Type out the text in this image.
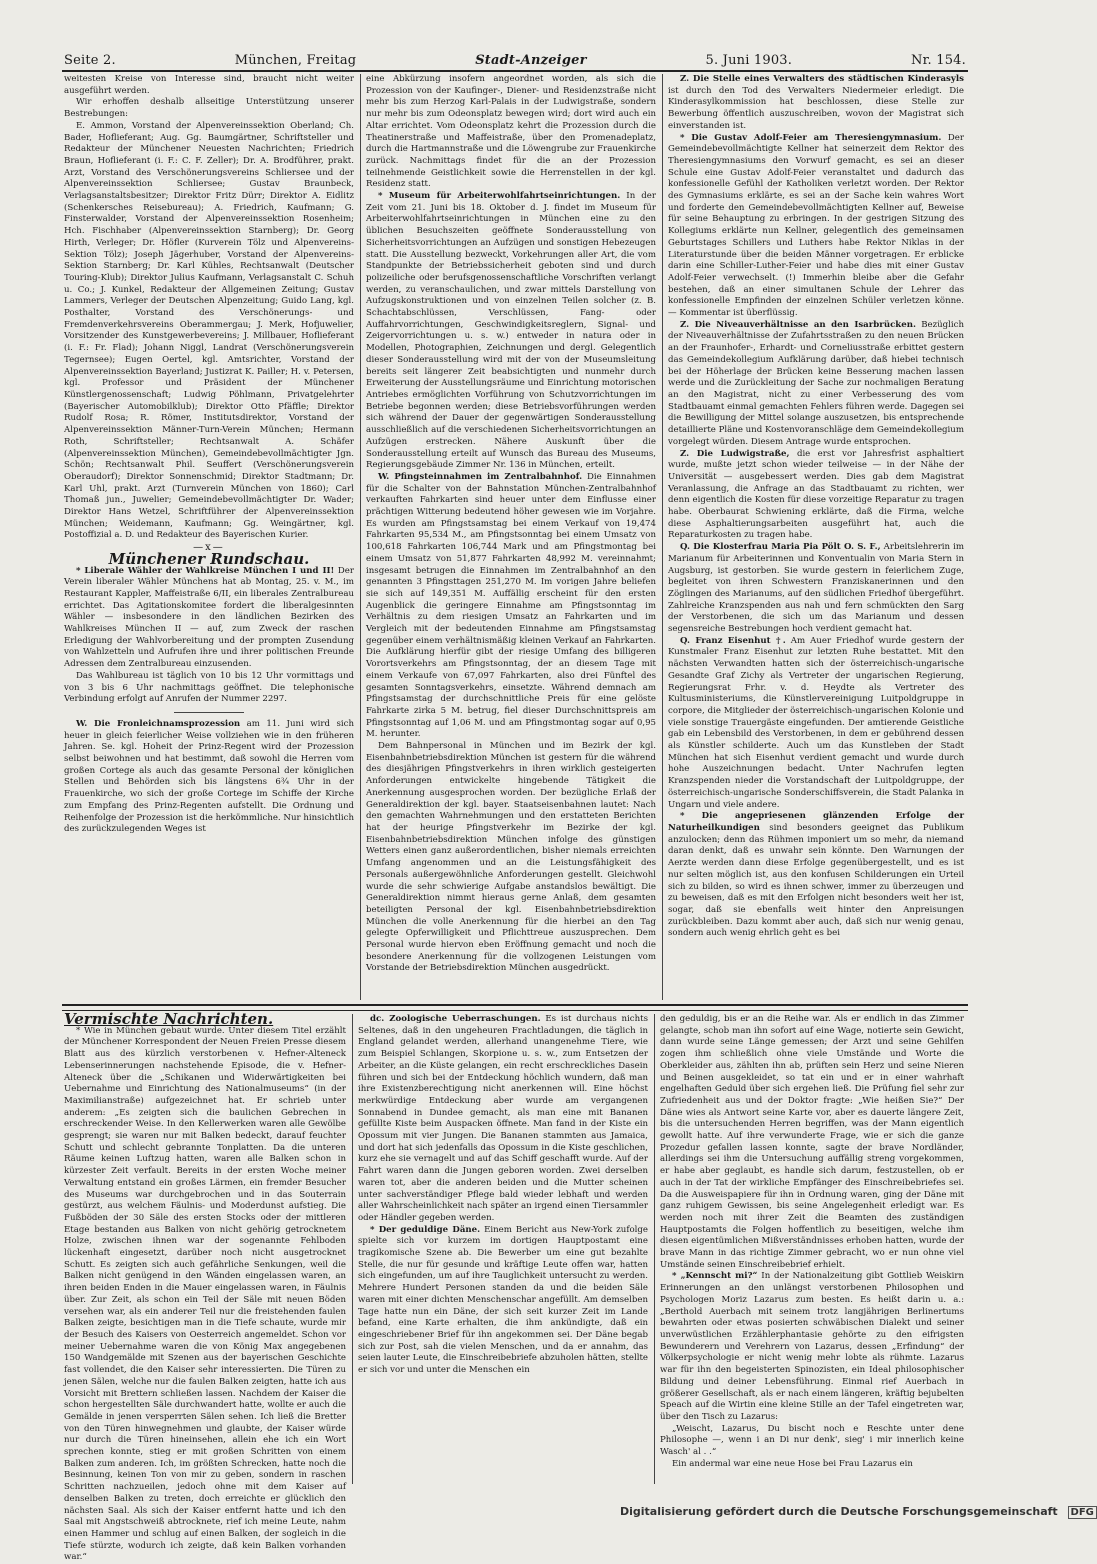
Seite 2.	München, Freitag	Stadt-Anzeiger	5. Juni 1903.	Nr. 154.

weitesten Kreise von Interesse sind, braucht nicht weiter ausgeführt werden.

Wir erhoffen deshalb allseitige Unterstützung unserer Bestrebungen:

E. Ammon, Vorstand der Alpenvereinssektion Oberland; Ch. Bader, Hoflieferant; Aug. Gg. Baumgärtner, Schriftsteller und Redakteur der Münchener Neuesten Nachrichten; Friedrich Braun, Hoflieferant (i. F.: C. F. Zeller); Dr. A. Brodführer, prakt. Arzt, Vorstand des Verschönerungsvereins Schliersee und der Alpenvereinssektion Schliersee; Gustav Braunbeck, Verlagsanstaltsbesitzer; Direktor Fritz Dürr; Direktor A. Eidlitz (Schenkersches Reisebureau); A. Friedrich, Kaufmann; G. Finsterwalder, Vorstand der Alpenvereinssektion Rosenheim; Hch. Fischhaber (Alpenvereinssektion Starnberg); Dr. Georg Hirth, Verleger; Dr. Höfler (Kurverein Tölz und Alpenvereins-Sektion Tölz); Joseph Jägerhuber, Vorstand der Alpenvereins-Sektion Starnberg; Dr. Karl Kühles, Rechtsanwalt (Deutscher Touring-Klub); Direktor Julius Kaufmann, Verlagsanstalt C. Schuh u. Co.; J. Kunkel, Redakteur der Allgemeinen Zeitung; Gustav Lammers, Verleger der Deutschen Alpenzeitung; Guido Lang, kgl. Posthalter, Vorstand des Verschönerungs- und Fremdenverkehrsvereins Oberammergau; J. Merk, Hofjuwelier, Vorsitzender des Kunstgewerbevereins; J. Millbauer, Hoflieferant (i. F.: Fr. Flad); Johann Niggl, Landrat (Verschönerungsverein Tegernsee); Eugen Oertel, kgl. Amtsrichter, Vorstand der Alpenvereinssektion Bayerland; Justizrat K. Pailler; H. v. Petersen, kgl. Professor und Präsident der Münchener Künstlergenossenschaft; Ludwig Pöhlmann, Privatgelehrter (Bayerischer Automobilklub); Direktor Otto Pfäffle; Direktor Rudolf Rosa; R. Römer, Institutsdirektor, Vorstand der Alpenvereinssektion Männer-Turn-Verein München; Hermann Roth, Schriftsteller; Rechtsanwalt A. Schäfer (Alpenvereinssektion München), Gemeindebevollmächtigter Jgn. Schön; Rechtsanwalt Phil. Seuffert (Verschönerungsverein Oberaudorf); Direktor Sonnenschmid; Direktor Stadtmann; Dr. Karl Uhl, prakt. Arzt (Turnverein München von 1860); Carl Thomaß jun., Juwelier; Gemeindebevollmächtigter Dr. Wader; Direktor Hans Wetzel, Schriftführer der Alpenvereinssektion München; Weidemann, Kaufmann; Gg. Weingärtner, kgl. Postoffizial a. D. und Redakteur des Bayerischen Kurier.

—x—

Münchener Rundschau.

* Liberale Wähler der Wahlkreise München I und II! Der Verein liberaler Wähler Münchens hat ab Montag, 25. v. M., im Restaurant Kappler, Maffeistraße 6/II, ein liberales Zentralbureau errichtet. Das Agitationskomitee fordert die liberalgesinnten Wähler — insbesondere in den ländlichen Bezirken des Wahlkreises München II — auf, zum Zweck der raschen Erledigung der Wahlvorbereitung und der prompten Zusendung von Wahlzetteln und Aufrufen ihre und ihrer politischen Freunde Adressen dem Zentralbureau einzusenden.

Das Wahlbureau ist täglich von 10 bis 12 Uhr vormittags und von 3 bis 6 Uhr nachmittags geöffnet. Die telephonische Verbindung erfolgt auf Anrufen der Nummer 2297.

W. Die Fronleichnamsprozession am 11. Juni wird sich heuer in gleich feierlicher Weise vollziehen wie in den früheren Jahren. Se. kgl. Hoheit der Prinz-Regent wird der Prozession selbst beiwohnen und hat bestimmt, daß sowohl die Herren vom großen Cortege als auch das gesamte Personal der königlichen Stellen und Behörden sich bis längstens 6¾ Uhr in der Frauenkirche, wo sich der große Cortege im Schiffe der Kirche zum Empfang des Prinz-Regenten aufstellt. Die Ordnung und Reihenfolge der Prozession ist die herkömmliche. Nur hinsichtlich des zurückzulegenden Weges ist

eine Abkürzung insofern angeordnet worden, als sich die Prozession von der Kaufinger-, Diener- und Residenzstraße nicht mehr bis zum Herzog Karl-Palais in der Ludwigstraße, sondern nur mehr bis zum Odeonsplatz bewegen wird; dort wird auch ein Altar errichtet. Vom Odeonsplatz kehrt die Prozession durch die Theatinerstraße und Maffeistraße, über den Promenadeplatz, durch die Hartmannstraße und die Löwengrube zur Frauenkirche zurück. Nachmittags findet für die an der Prozession teilnehmende Geistlichkeit sowie die Herrenstellen in der kgl. Residenz statt.

* Museum für Arbeiterwohlfahrtseinrichtungen. In der Zeit vom 21. Juni bis 18. Oktober d. J. findet im Museum für Arbeiterwohlfahrtseinrichtungen in München eine zu den üblichen Besuchszeiten geöffnete Sonderausstellung von Sicherheitsvorrichtungen an Aufzügen und sonstigen Hebezeugen statt. Die Ausstellung bezweckt, Vorkehrungen aller Art, die vom Standpunkte der Betriebssicherheit geboten sind und durch polizeiliche oder berufsgenossenschaftliche Vorschriften verlangt werden, zu veranschaulichen, und zwar mittels Darstellung von Aufzugskonstruktionen und von einzelnen Teilen solcher (z. B. Schachtabschlüssen, Verschlüssen, Fang- oder Auffahrvorrichtungen, Geschwindigkeitsreglern, Signal- und Zeigervorrichtungen u. s. w.) entweder in natura oder in Modellen, Photographien, Zeichnungen und dergl. Gelegentlich dieser Sonderausstellung wird mit der von der Museumsleitung bereits seit längerer Zeit beabsichtigten und nunmehr durch Erweiterung der Ausstellungsräume und Einrichtung motorischen Antriebes ermöglichten Vorführung von Schutzvorrichtungen im Betriebe begonnen werden; diese Betriebsvorführungen werden sich während der Dauer der gegenwärtigen Sonderausstellung ausschließlich auf die verschiedenen Sicherheitsvorrichtungen an Aufzügen erstrecken. Nähere Auskunft über die Sonderausstellung erteilt auf Wunsch das Bureau des Museums, Regierungsgebäude Zimmer Nr. 136 in München, erteilt.

W. Pfingsteinnahmen im Zentralbahnhof. Die Einnahmen für die Schalter von der Bahnstation München-Zentralbahnhof verkauften Fahrkarten sind heuer unter dem Einflusse einer prächtigen Witterung bedeutend höher gewesen wie im Vorjahre. Es wurden am Pfingstsamstag bei einem Verkauf von 19,474 Fahrkarten 95,534 M., am Pfingstsonntag bei einem Umsatz von 100,618 Fahrkarten 106,744 Mark und am Pfingstmontag bei einem Umsatz von 51,877 Fahrkarten 48,992 M. vereinnahmt; insgesamt betrugen die Einnahmen im Zentralbahnhof an den genannten 3 Pfingsttagen 251,270 M. Im vorigen Jahre beliefen sie sich auf 149,351 M. Auffällig erscheint für den ersten Augenblick die geringere Einnahme am Pfingstsonntag im Verhältnis zu dem riesigen Umsatz an Fahrkarten und im Vergleich mit der bedeutenden Einnahme am Pfingstsamstag gegenüber einem verhältnismäßig kleinen Verkauf an Fahrkarten. Die Aufklärung hierfür gibt der riesige Umfang des billigeren Vorortsverkehrs am Pfingstsonntag, der an diesem Tage mit einem Verkaufe von 67,097 Fahrkarten, also drei Fünftel des gesamten Sonntagsverkehrs, einsetzte. Während demnach am Pfingstsamstag der durchschnittliche Preis für eine gelöste Fahrkarte zirka 5 M. betrug, fiel dieser Durchschnittspreis am Pfingstsonntag auf 1,06 M. und am Pfingstmontag sogar auf 0,95 M. herunter.

Dem Bahnpersonal in München und im Bezirk der kgl. Eisenbahnbetriebsdirektion München ist gestern für die während des diesjährigen Pfingstverkehrs in ihren wirklich gesteigerten Anforderungen entwickelte hingebende Tätigkeit die Anerkennung ausgesprochen worden. Der bezügliche Erlaß der Generaldirektion der kgl. bayer. Staatseisenbahnen lautet: Nach den gemachten Wahrnehmungen und den erstatteten Berichten hat der heurige Pfingstverkehr im Bezirke der kgl. Eisenbahnbetriebsdirektion München infolge des günstigen Wetters einen ganz außerordentlichen, bisher niemals erreichten Umfang angenommen und an die Leistungsfähigkeit des Personals außergewöhnliche Anforderungen gestellt. Gleichwohl wurde die sehr schwierige Aufgabe anstandslos bewältigt. Die Generaldirektion nimmt hieraus gerne Anlaß, dem gesamten beteiligten Personal der kgl. Eisenbahnbetriebsdirektion München die volle Anerkennung für die hierbei an den Tag gelegte Opferwilligkeit und Pflichttreue auszusprechen. Dem Personal wurde hiervon eben Eröffnung gemacht und noch die besondere Anerkennung für die vollzogenen Leistungen vom Vorstande der Betriebsdirektion München ausgedrückt.

Z. Die Stelle eines Verwalters des städtischen Kinderasyls ist durch den Tod des Verwalters Niedermeier erledigt. Die Kinderasylkommission hat beschlossen, diese Stelle zur Bewerbung öffentlich auszuschreiben, wovon der Magistrat sich einverstanden ist.

* Die Gustav Adolf-Feier am Theresiengymnasium. Der Gemeindebevollmächtigte Kellner hat seinerzeit dem Rektor des Theresiengymnasiums den Vorwurf gemacht, es sei an dieser Schule eine Gustav Adolf-Feier veranstaltet und dadurch das konfessionelle Gefühl der Katholiken verletzt worden. Der Rektor des Gymnasiums erklärte, es sei an der Sache kein wahres Wort und forderte den Gemeindebevollmächtigten Kellner auf, Beweise für seine Behauptung zu erbringen. In der gestrigen Sitzung des Kollegiums erklärte nun Kellner, gelegentlich des gemeinsamen Geburtstages Schillers und Luthers habe Rektor Niklas in der Literaturstunde über die beiden Männer vorgetragen. Er erblicke darin eine Schiller-Luther-Feier und habe dies mit einer Gustav Adolf-Feier verwechselt. (!) Immerhin bleibe aber die Gefahr bestehen, daß an einer simultanen Schule der Lehrer das konfessionelle Empfinden der einzelnen Schüler verletzen könne. — Kommentar ist überflüssig.

Z. Die Niveauverhältnisse an den Isarbrücken. Bezüglich der Niveauverhältnisse der Zufahrtsstraßen zu den neuen Brücken an der Fraunhofer-, Erhardt- und Corneliusstraße erbittet gestern das Gemeindekollegium Aufklärung darüber, daß hiebei technisch bei der Höherlage der Brücken keine Besserung machen lassen werde und die Zurückleitung der Sache zur nochmaligen Beratung an den Magistrat, nicht zu einer Verbesserung des vom Stadtbauamt einmal gemachten Fehlers führen werde. Dagegen sei die Bewilligung der Mittel solange auszusetzen, bis entsprechende detaillierte Pläne und Kostenvoranschläge dem Gemeindekollegium vorgelegt würden. Diesem Antrage wurde entsprochen.

Z. Die Ludwigstraße, die erst vor Jahresfrist asphaltiert wurde, mußte jetzt schon wieder teilweise — in der Nähe der Universität — ausgebessert werden. Dies gab dem Magistrat Veranlassung, die Anfrage an das Stadtbauamt zu richten, wer denn eigentlich die Kosten für diese vorzeitige Reparatur zu tragen habe. Oberbaurat Schwiening erklärte, daß die Firma, welche diese Asphaltierungsarbeiten ausgeführt hat, auch die Reparaturkosten zu tragen habe.

Q. Die Klosterfrau Maria Pia Pölt O. S. F., Arbeitslehrerin im Marianum für Arbeiterinnen und Konventualin von Maria Stern in Augsburg, ist gestorben. Sie wurde gestern in feierlichem Zuge, begleitet von ihren Schwestern Franziskanerinnen und den Zöglingen des Marianums, auf den südlichen Friedhof übergeführt. Zahlreiche Kranzspenden aus nah und fern schmückten den Sarg der Verstorbenen, die sich um das Marianum und dessen segensreiche Bestrebungen hoch verdient gemacht hat.

Q. Franz Eisenhut †. Am Auer Friedhof wurde gestern der Kunstmaler Franz Eisenhut zur letzten Ruhe bestattet. Mit den nächsten Verwandten hatten sich der österreichisch-ungarische Gesandte Graf Zichy als Vertreter der ungarischen Regierung, Regierungsrat Frhr. v. d. Heydte als Vertreter des Kultusministeriums, die Künstlervereinigung Luitpoldgruppe in corpore, die Mitglieder der österreichisch-ungarischen Kolonie und viele sonstige Trauergäste eingefunden. Der amtierende Geistliche gab ein Lebensbild des Verstorbenen, in dem er gebührend dessen als Künstler schilderte. Auch um das Kunstleben der Stadt München hat sich Eisenhut verdient gemacht und wurde durch hohe Auszeichnungen bedacht. Unter Nachrufen legten Kranzspenden nieder die Vorstandschaft der Luitpoldgruppe, der österreichisch-ungarische Sonderschiffsverein, die Stadt Palanka in Ungarn und viele andere.

* Die angepriesenen glänzenden Erfolge der Naturheilkundigen sind besonders geeignet das Publikum anzulocken; denn das Rühmen imponiert um so mehr, da niemand daran denkt, daß es unwahr sein könnte. Den Warnungen der Aerzte werden dann diese Erfolge gegenübergestellt, und es ist nur selten möglich ist, aus den konfusen Schilderungen ein Urteil sich zu bilden, so wird es ihnen schwer, immer zu überzeugen und zu beweisen, daß es mit den Erfolgen nicht besonders weit her ist, sogar, daß sie ebenfalls weit hinter den Anpreisungen zurückbleiben. Dazu kommt aber auch, daß sich nur wenig genau, sondern auch wenig ehrlich geht es bei

Vermischte Nachrichten.

* Wie in München gebaut wurde. Unter diesem Titel erzählt der Münchener Korrespondent der Neuen Freien Presse diesem Blatt aus des kürzlich verstorbenen v. Hefner-Alteneck Lebenserinnerungen nachstehende Episode, die v. Hefner-Alteneck über die „Schikanen und Widerwärtigkeiten bei Uebernahme und Einrichtung des Nationalmuseums“ (in der Maximilianstraße) aufgezeichnet hat. Er schrieb unter anderem: „Es zeigten sich die baulichen Gebrechen in erschreckender Weise. In den Kellerwerken waren alle Gewölbe gesprengt; sie waren nur mit Balken bedeckt, darauf feuchter Schutt und schlecht gebrannte Tonplatten. Da die unteren Räume keinen Luftzug hatten, waren alle Balken schon in kürzester Zeit verfault. Bereits in der ersten Woche meiner Verwaltung entstand ein großes Lärmen, ein fremder Besucher des Museums war durchgebrochen und in das Souterrain gestürzt, aus welchem Fäulnis- und Moderdunst aufstieg. Die Fußböden der 30 Säle des ersten Stocks oder der mittleren Etage bestanden aus Balken von nicht gehörig getrocknetem Holze, zwischen ihnen war der sogenannte Fehlboden lückenhaft eingesetzt, darüber noch nicht ausgetrocknet Schutt. Es zeigten sich auch gefährliche Senkungen, weil die Balken nicht genügend in den Wänden eingelassen waren, an ihren beiden Enden in die Mauer eingelassen waren, in Fäulnis über. Zur Zeit, als schon ein Teil der Säle mit neuen Böden versehen war, als ein anderer Teil nur die freistehenden faulen Balken zeigte, besichtigen man in die Tiefe schaute, wurde mir der Besuch des Kaisers von Oesterreich angemeldet. Schon vor meiner Uebernahme waren die von König Max angegebenen 150 Wandgemälde mit Szenen aus der bayerischen Geschichte fast vollendet, die den Kaiser sehr interessierten. Die Türen zu jenen Sälen, welche nur die faulen Balken zeigten, hatte ich aus Vorsicht mit Brettern schließen lassen. Nachdem der Kaiser die schon hergestellten Säle durchwandert hatte, wollte er auch die Gemälde in jenen versperrten Sälen sehen. Ich ließ die Bretter von den Türen hinwegnehmen und glaubte, der Kaiser würde nur durch die Türen hineinsehen, allein ehe ich ein Wort sprechen konnte, stieg er mit großen Schritten von einem Balken zum anderen. Ich, im größten Schrecken, hatte noch die Besinnung, keinen Ton von mir zu geben, sondern in raschen Schritten nachzueilen, jedoch ohne mit dem Kaiser auf denselben Balken zu treten, doch erreichte er glücklich den nächsten Saal. Als sich der Kaiser entfernt hatte und ich den Saal mit Angstschweiß abtrocknete, rief ich meine Leute, nahm einen Hammer und schlug auf einen Balken, der sogleich in die Tiefe stürzte, wodurch ich zeigte, daß kein Balken vorhanden war.“

dc. Zoologische Ueberraschungen. Es ist durchaus nichts Seltenes, daß in den ungeheuren Frachtladungen, die täglich in England gelandet werden, allerhand unangenehme Tiere, wie zum Beispiel Schlangen, Skorpione u. s. w., zum Entsetzen der Arbeiter, an die Küste gelangen, ein recht erschreckliches Dasein führen und sich bei der Entdeckung höchlich wundern, daß man ihre Existenzberechtigung nicht anerkennen will. Eine höchst merkwürdige Entdeckung aber wurde am vergangenen Sonnabend in Dundee gemacht, als man eine mit Bananen gefüllte Kiste beim Auspacken öffnete. Man fand in der Kiste ein Opossum mit vier Jungen. Die Bananen stammten aus Jamaica, und dort hat sich jedenfalls das Opossum in die Kiste geschlichen, kurz ehe sie vernagelt und auf das Schiff geschafft wurde. Auf der Fahrt waren dann die Jungen geboren worden. Zwei derselben waren tot, aber die anderen beiden und die Mutter scheinen unter sachverständiger Pflege bald wieder lebhaft und werden aller Wahrscheinlichkeit nach später an irgend einen Tiersammler oder Händler gegeben werden.

* Der geduldige Däne. Einem Bericht aus New-York zufolge spielte sich vor kurzem im dortigen Hauptpostamt eine tragikomische Szene ab. Die Bewerber um eine gut bezahlte Stelle, die nur für gesunde und kräftige Leute offen war, hatten sich eingefunden, um auf ihre Tauglichkeit untersucht zu werden. Mehrere Hundert Personen standen da und die beiden Säle waren mit einer dichten Menschenschar angefüllt. Am demselben Tage hatte nun ein Däne, der sich seit kurzer Zeit im Lande befand, eine Karte erhalten, die ihm ankündigte, daß ein eingeschriebener Brief für ihn angekommen sei. Der Däne begab sich zur Post, sah die vielen Menschen, und da er annahm, das seien lauter Leute, die Einschreibebriefe abzuholen hätten, stellte er sich vor und unter die Menschen ein

den geduldig, bis er an die Reihe war. Als er endlich in das Zimmer gelangte, schob man ihn sofort auf eine Wage, notierte sein Gewicht, dann wurde seine Länge gemessen; der Arzt und seine Gehilfen zogen ihm schließlich ohne viele Umstände und Worte die Oberkleider aus, zählten ihn ab, prüften sein Herz und seine Nieren und Beinen ausgekleidet, so tat ein und er in einer wahrhaft engelhaften Geduld über sich ergehen ließ. Die Prüfung fiel sehr zur Zufriedenheit aus und der Doktor fragte: „Wie heißen Sie?“ Der Däne wies als Antwort seine Karte vor, aber es dauerte längere Zeit, bis die untersuchenden Herren begriffen, was der Mann eigentlich gewollt hatte. Auf ihre verwunderte Frage, wie er sich die ganze Prozedur gefallen lassen konnte, sagte der brave Nordländer, allerdings sei ihm die Untersuchung auffällig streng vorgekommen, er habe aber geglaubt, es handle sich darum, festzustellen, ob er auch in der Tat der wirkliche Empfänger des Einschreibebriefes sei. Da die Ausweispapiere für ihn in Ordnung waren, ging der Däne mit ganz ruhigem Gewissen, bis seine Angelegenheit erledigt war. Es werden noch mit ihrer Zeit die Beamten des zuständigen Hauptpostamts die Folgen hoffentlich zu beseitigen, welche ihm diesen eigentümlichen Mißverständnisses erhoben hatten, wurde der brave Mann in das richtige Zimmer gebracht, wo er nun ohne viel Umstände seinen Einschreibebrief erhielt.

* „Kennscht mi?“ In der Nationalzeitung gibt Gottlieb Weiskirn Erinnerungen an den unlängst verstorbenen Philosophen und Psychologen Moriz Lazarus zum besten. Es heißt darin u. a.: „Berthold Auerbach mit seinem trotz langjährigen Berlinertums bewahrten oder etwas posierten schwäbischen Dialekt und seiner unverwüstlichen Erzählerphantasie gehörte zu den eifrigsten Bewunderern und Verehrern von Lazarus, dessen „Erfindung“ der Völkerpsychologie er nicht wenig mehr lobte als rühmte. Lazarus war für ihn den begeisterten Spinozisten, ein Ideal philosophischer Bildung und deiner Lebensführung. Einmal rief Auerbach in größerer Gesellschaft, als er nach einem längeren, kräftig bejubelten Speach auf die Wirtin eine kleine Stille an der Tafel eingetreten war, über den Tisch zu Lazarus:

„Weischt, Lazarus, Du bischt noch e Reschte unter dene Philosophe —, wenn i an Di nur denk', sieg' i mir innerlich keine Wasch' al . .“

Ein andermal war eine neue Hose bei Frau Lazarus ein

Digitalisierung gefördert durch die Deutsche Forschungsgemeinschaft DFG
